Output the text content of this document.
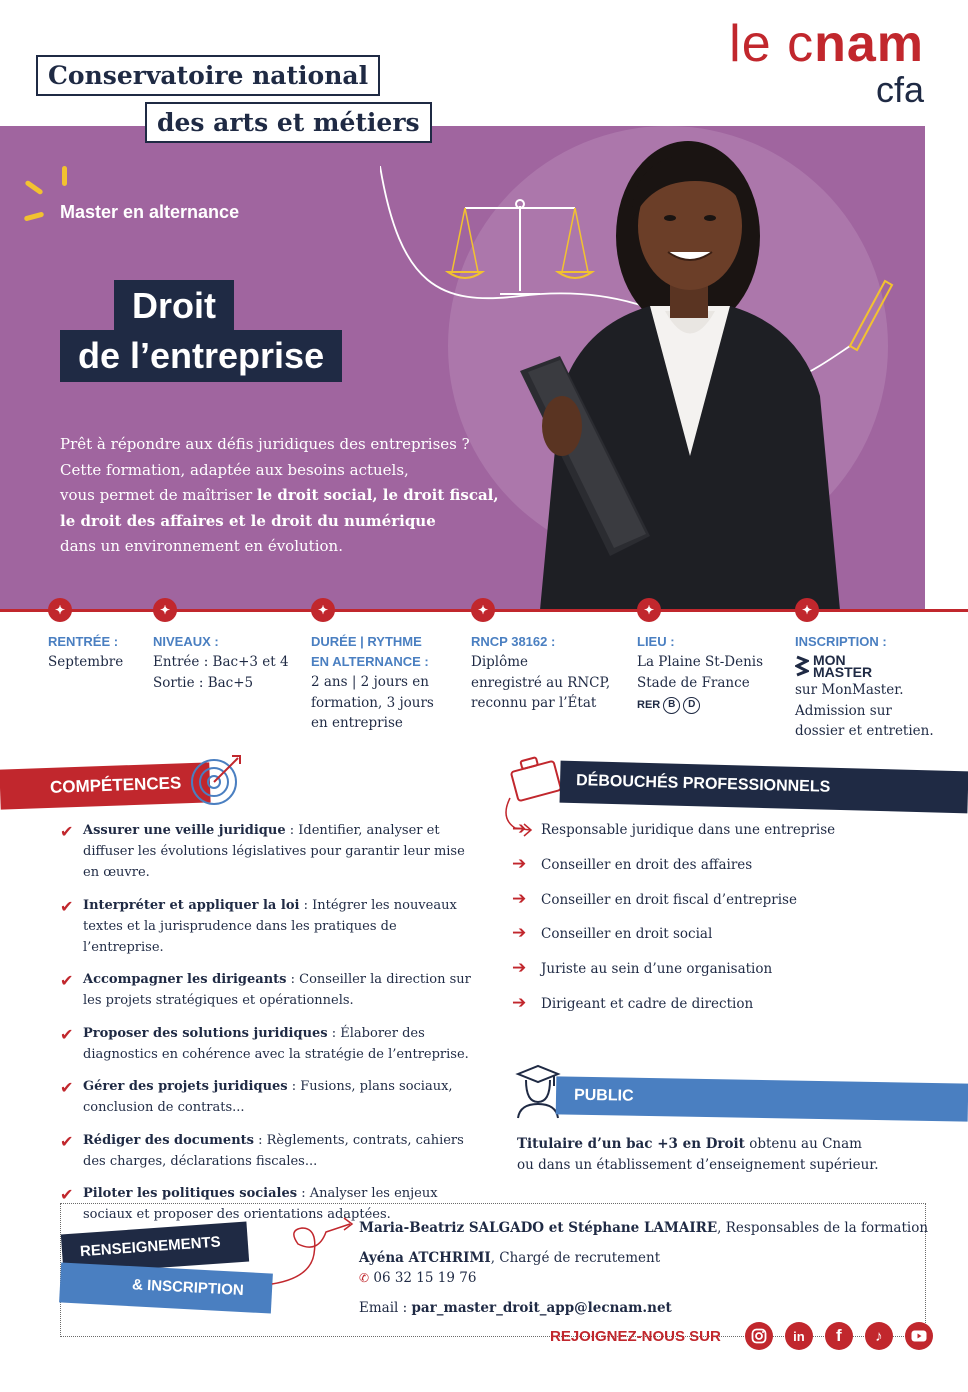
le cnam
cfa
Master en alternance
Droit
de l’entreprise
Prêt à répondre aux défis juridiques des entreprises ?
Cette formation, adaptée aux besoins actuels,
vous permet de maîtriser le droit social, le droit fiscal,
le droit des affaires et le droit du numérique
dans un environnement en évolution.
Conservatoire national
des arts et métiers
✦
RENTRÉE :
Septembre
✦
NIVEAUX :
Entrée : Bac+3 et 4
Sortie : Bac+5
✦
DURÉE | RYTHME
EN ALTERNANCE :
2 ans | 2 jours en
formation, 3 jours
en entreprise
✦
RNCP 38162 :
Diplôme
enregistré au RNCP,
reconnu par l’État
✦
LIEU :
La Plaine St-Denis
Stade de France
RER B	D
✦
INSCRIPTION :
MON
MASTER
sur MonMaster.
Admission sur
dossier et entretien.
COMPÉTENCES
✔ Assurer une veille juridique : Identifier, analyser et diffuser les évolutions législatives pour garantir leur mise en œuvre.
✔ Interpréter et appliquer la loi : Intégrer les nouveaux textes et la jurisprudence dans les pratiques de l’entreprise.
✔ Accompagner les dirigeants : Conseiller la direction sur les projets stratégiques et opérationnels.
✔ Proposer des solutions juridiques : Élaborer des diagnostics en cohérence avec la stratégie de l’entreprise.
✔ Gérer des projets juridiques : Fusions, plans sociaux, conclusion de contrats...
✔ Rédiger des documents : Règlements, contrats, cahiers des charges, déclarations fiscales...
✔ Piloter les politiques sociales : Analyser les enjeux sociaux et proposer des orientations adaptées.
DÉBOUCHÉS PROFESSIONNELS
➔ Responsable juridique dans une entreprise
➔ Conseiller en droit des affaires
➔ Conseiller en droit fiscal d’entreprise
➔ Conseiller en droit social
➔ Juriste au sein d’une organisation
➔ Dirigeant et cadre de direction
PUBLIC
Titulaire d’un bac +3 en Droit obtenu au Cnam
ou dans un établissement d’enseignement supérieur.
RENSEIGNEMENTS
& INSCRIPTION
Maria-Beatriz SALGADO et Stéphane LAMAIRE, Responsables de la formation
Ayéna ATCHRIMI, Chargé de recrutement
✆ 06 32 15 19 76
Email : par_master_droit_app@lecnam.net
REJOIGNEZ-NOUS SUR	in	f	♪
